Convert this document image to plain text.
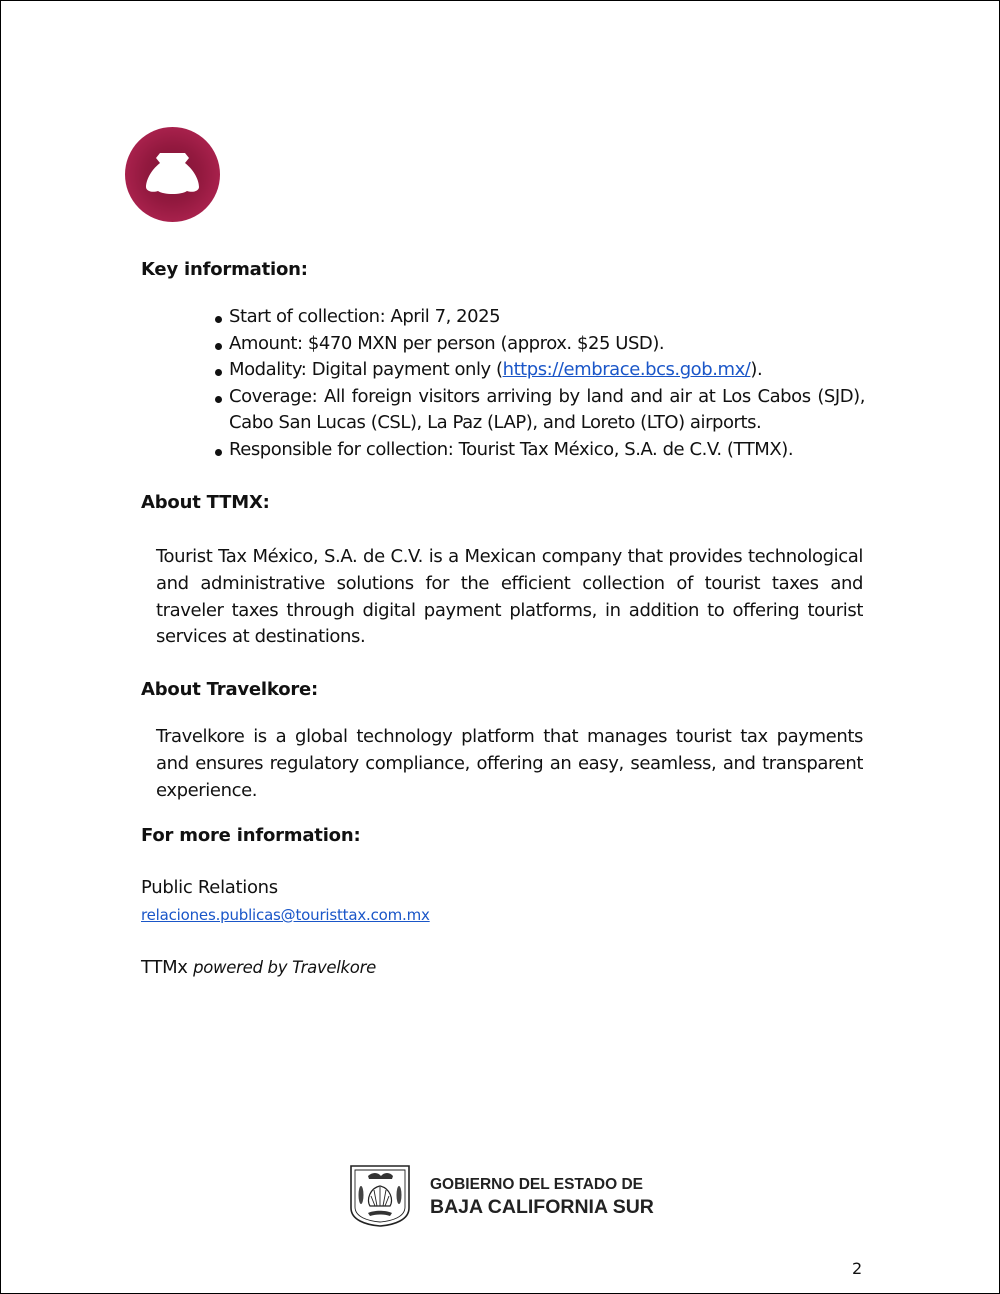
Key information:
Start of collection: April 7, 2025
Amount: $470 MXN per person (approx. $25 USD).
Modality: Digital payment only (https://embrace.bcs.gob.mx/).
Coverage: All foreign visitors arriving by land and air at Los Cabos (SJD), Cabo San Lucas (CSL), La Paz (LAP), and Loreto (LTO) airports.
Responsible for collection: Tourist Tax México, S.A. de C.V. (TTMX).
About TTMX:

Tourist Tax México, S.A. de C.V. is a Mexican company that provides technological and administrative solutions for the efficient collection of tourist taxes and traveler taxes through digital payment platforms, in addition to offering tourist services at destinations.

About Travelkore:

Travelkore is a global technology platform that manages tourist tax payments and ensures regulatory compliance, offering an easy, seamless, and transparent experience.

For more information:

Public Relations

relaciones.publicas@touristtax.com.mx
TTMx powered by Travelkore
GOBIERNO DEL ESTADO DE
BAJA CALIFORNIA SUR
2
